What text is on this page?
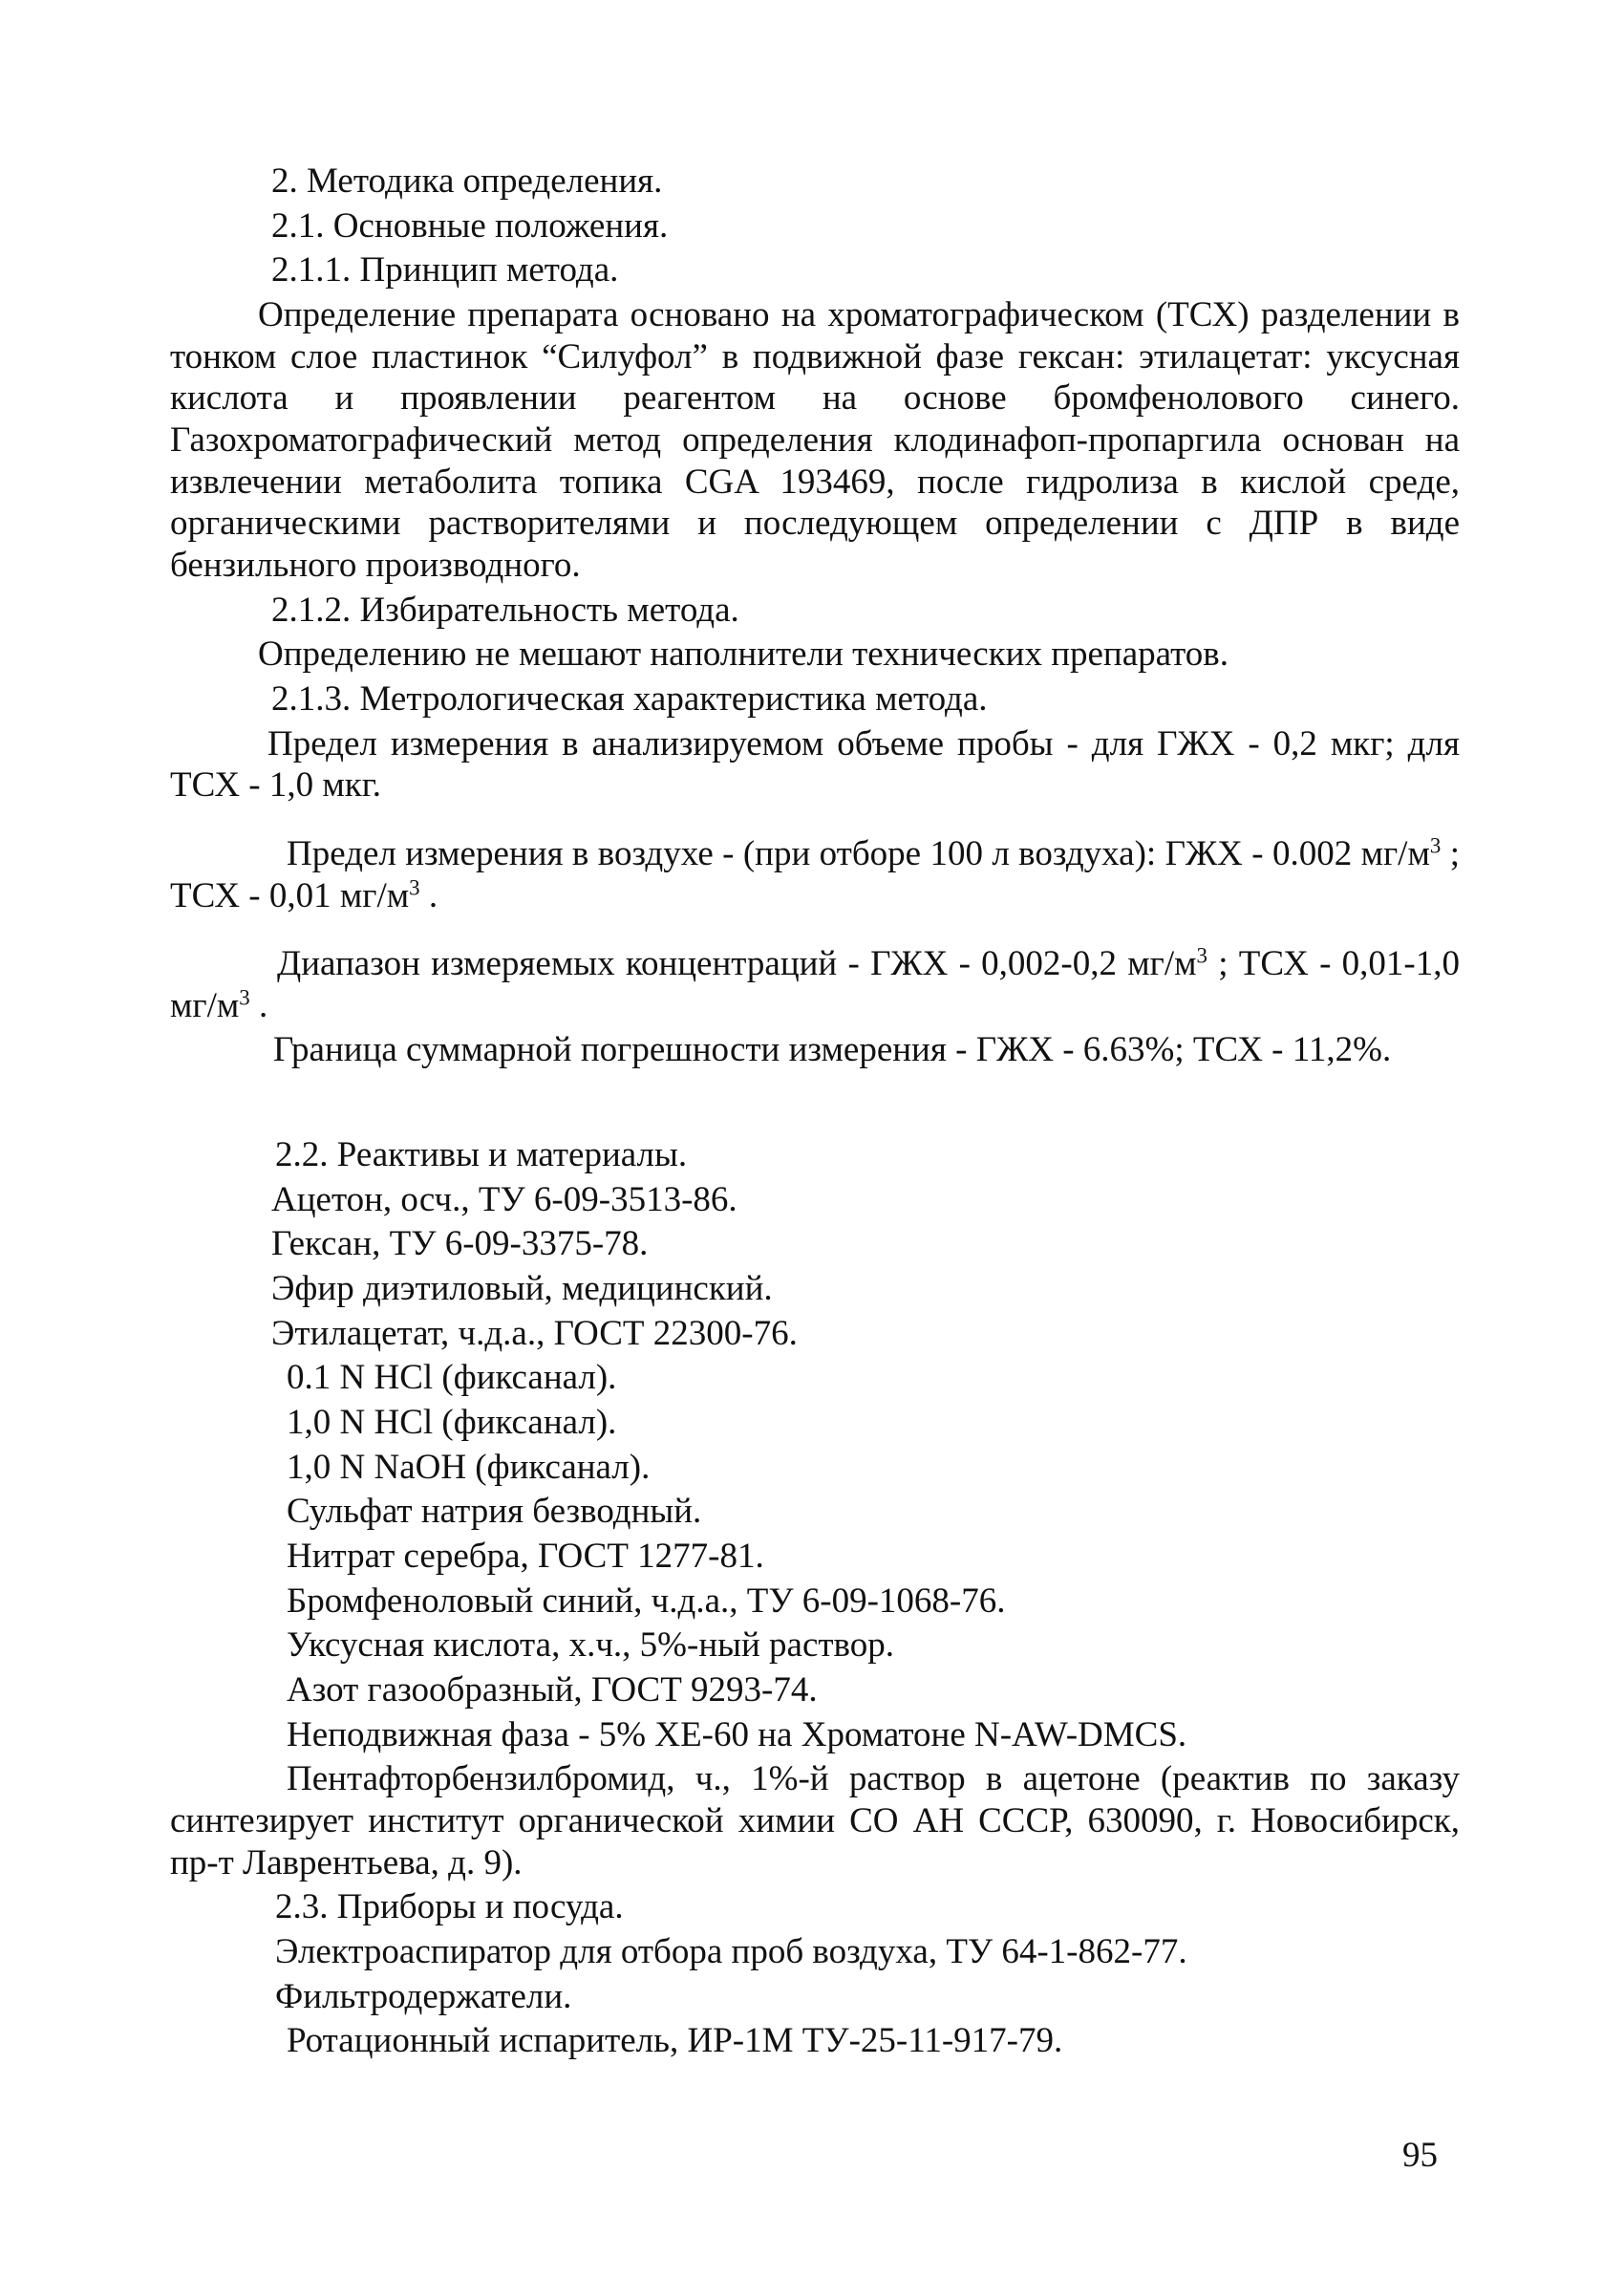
2. Методика определения.

2.1. Основные положения.

2.1.1. Принцип метода.

Определение препарата основано на хроматографическом (ТСХ) разделении в тонком слое пластинок “Силуфол” в подвижной фазе гексан: этилацетат: уксусная кислота и проявлении реагентом на основе бромфенолового синего. Газохроматографический метод определения клодинафоп-пропаргила основан на извлечении метаболита топика CGA 193469, после гидролиза в кислой среде, органическими растворителями и последующем определении с ДПР в виде бензильного производного.

2.1.2. Избирательность метода.

Определению не мешают наполнители технических препаратов.

2.1.3. Метрологическая характеристика метода.

Предел измерения в анализируемом объеме пробы - для ГЖХ - 0,2 мкг; для ТСХ - 1,0 мкг.

Предел измерения в воздухе - (при отборе 100 л воздуха): ГЖХ - 0.002 $мг/м^3$ ; ТСХ - 0,01 $мг/м^3$ .

Диапазон измеряемых концентраций - ГЖХ - 0,002-0,2 $мг/м^3$ ; ТСХ - 0,01-1,0 $мг/м^3$ .

Граница суммарной погрешности измерения - ГЖХ - 6.63%; ТСХ - 11,2%.

2.2. Реактивы и материалы.

Ацетон, осч., ТУ 6-09-3513-86.

Гексан, ТУ 6-09-3375-78.

Эфир диэтиловый, медицинский.

Этилацетат, ч.д.а., ГОСТ 22300-76.

0.1 N HCl (фиксанал).

1,0 N HCl (фиксанал).

1,0 N NaOH (фиксанал).

Сульфат натрия безводный.

Нитрат серебра, ГОСТ 1277-81.

Бромфеноловый синий, ч.д.а., ТУ 6-09-1068-76.

Уксусная кислота, х.ч., 5%-ный раствор.

Азот газообразный, ГОСТ 9293-74.

Неподвижная фаза - 5% ХЕ-60 на Хроматоне N-AW-DMCS.

Пентафторбензилбромид, ч., 1%-й раствор в ацетоне (реактив по заказу синтезирует институт органической химии СО АН СССР, 630090, г. Новосибирск, пр-т Лаврентьева, д. 9).

2.3. Приборы и посуда.

Электроаспиратор для отбора проб воздуха, ТУ 64-1-862-77.

Фильтродержатели.

Ротационный испаритель, ИР-1М ТУ-25-11-917-79.

95
